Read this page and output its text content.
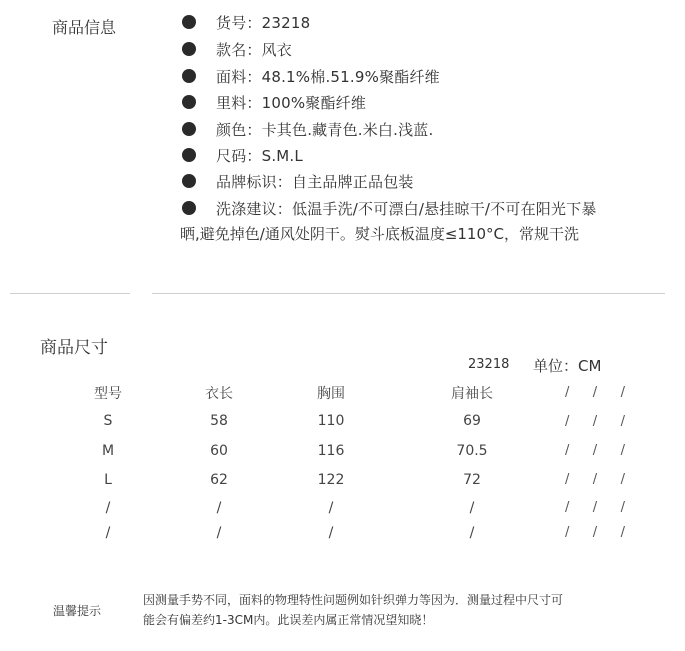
商品信息	货号：23218
款名：风衣
面料：48.1%棉.51.9%聚酯纤维
里料：100%聚酯纤维
颜色：卡其色.藏青色.米白.浅蓝.
尺码：S.M.L
品牌标识：自主品牌正品包装
洗涤建议：低温手洗/不可漂白/悬挂晾干/不可在阳光下暴
晒,避免掉色/通风处阴干。熨斗底板温度≤110°C，常规干洗
商品尺寸
23218 单位：CM
型号	衣长	胸围	肩袖长	/ / /
S	58	110	69	/ / /
M	60	116	70.5	/ / /
L	62	122	72	/ / /
/	/	/	/	/ / /
/	/	/	/	/ / /
温馨提示
因测量手势不同，面料的物理特性问题例如针织弹力等因为．测量过程中尺寸可
能会有偏差约1-3CM内。此误差内属正常情况望知晓！
